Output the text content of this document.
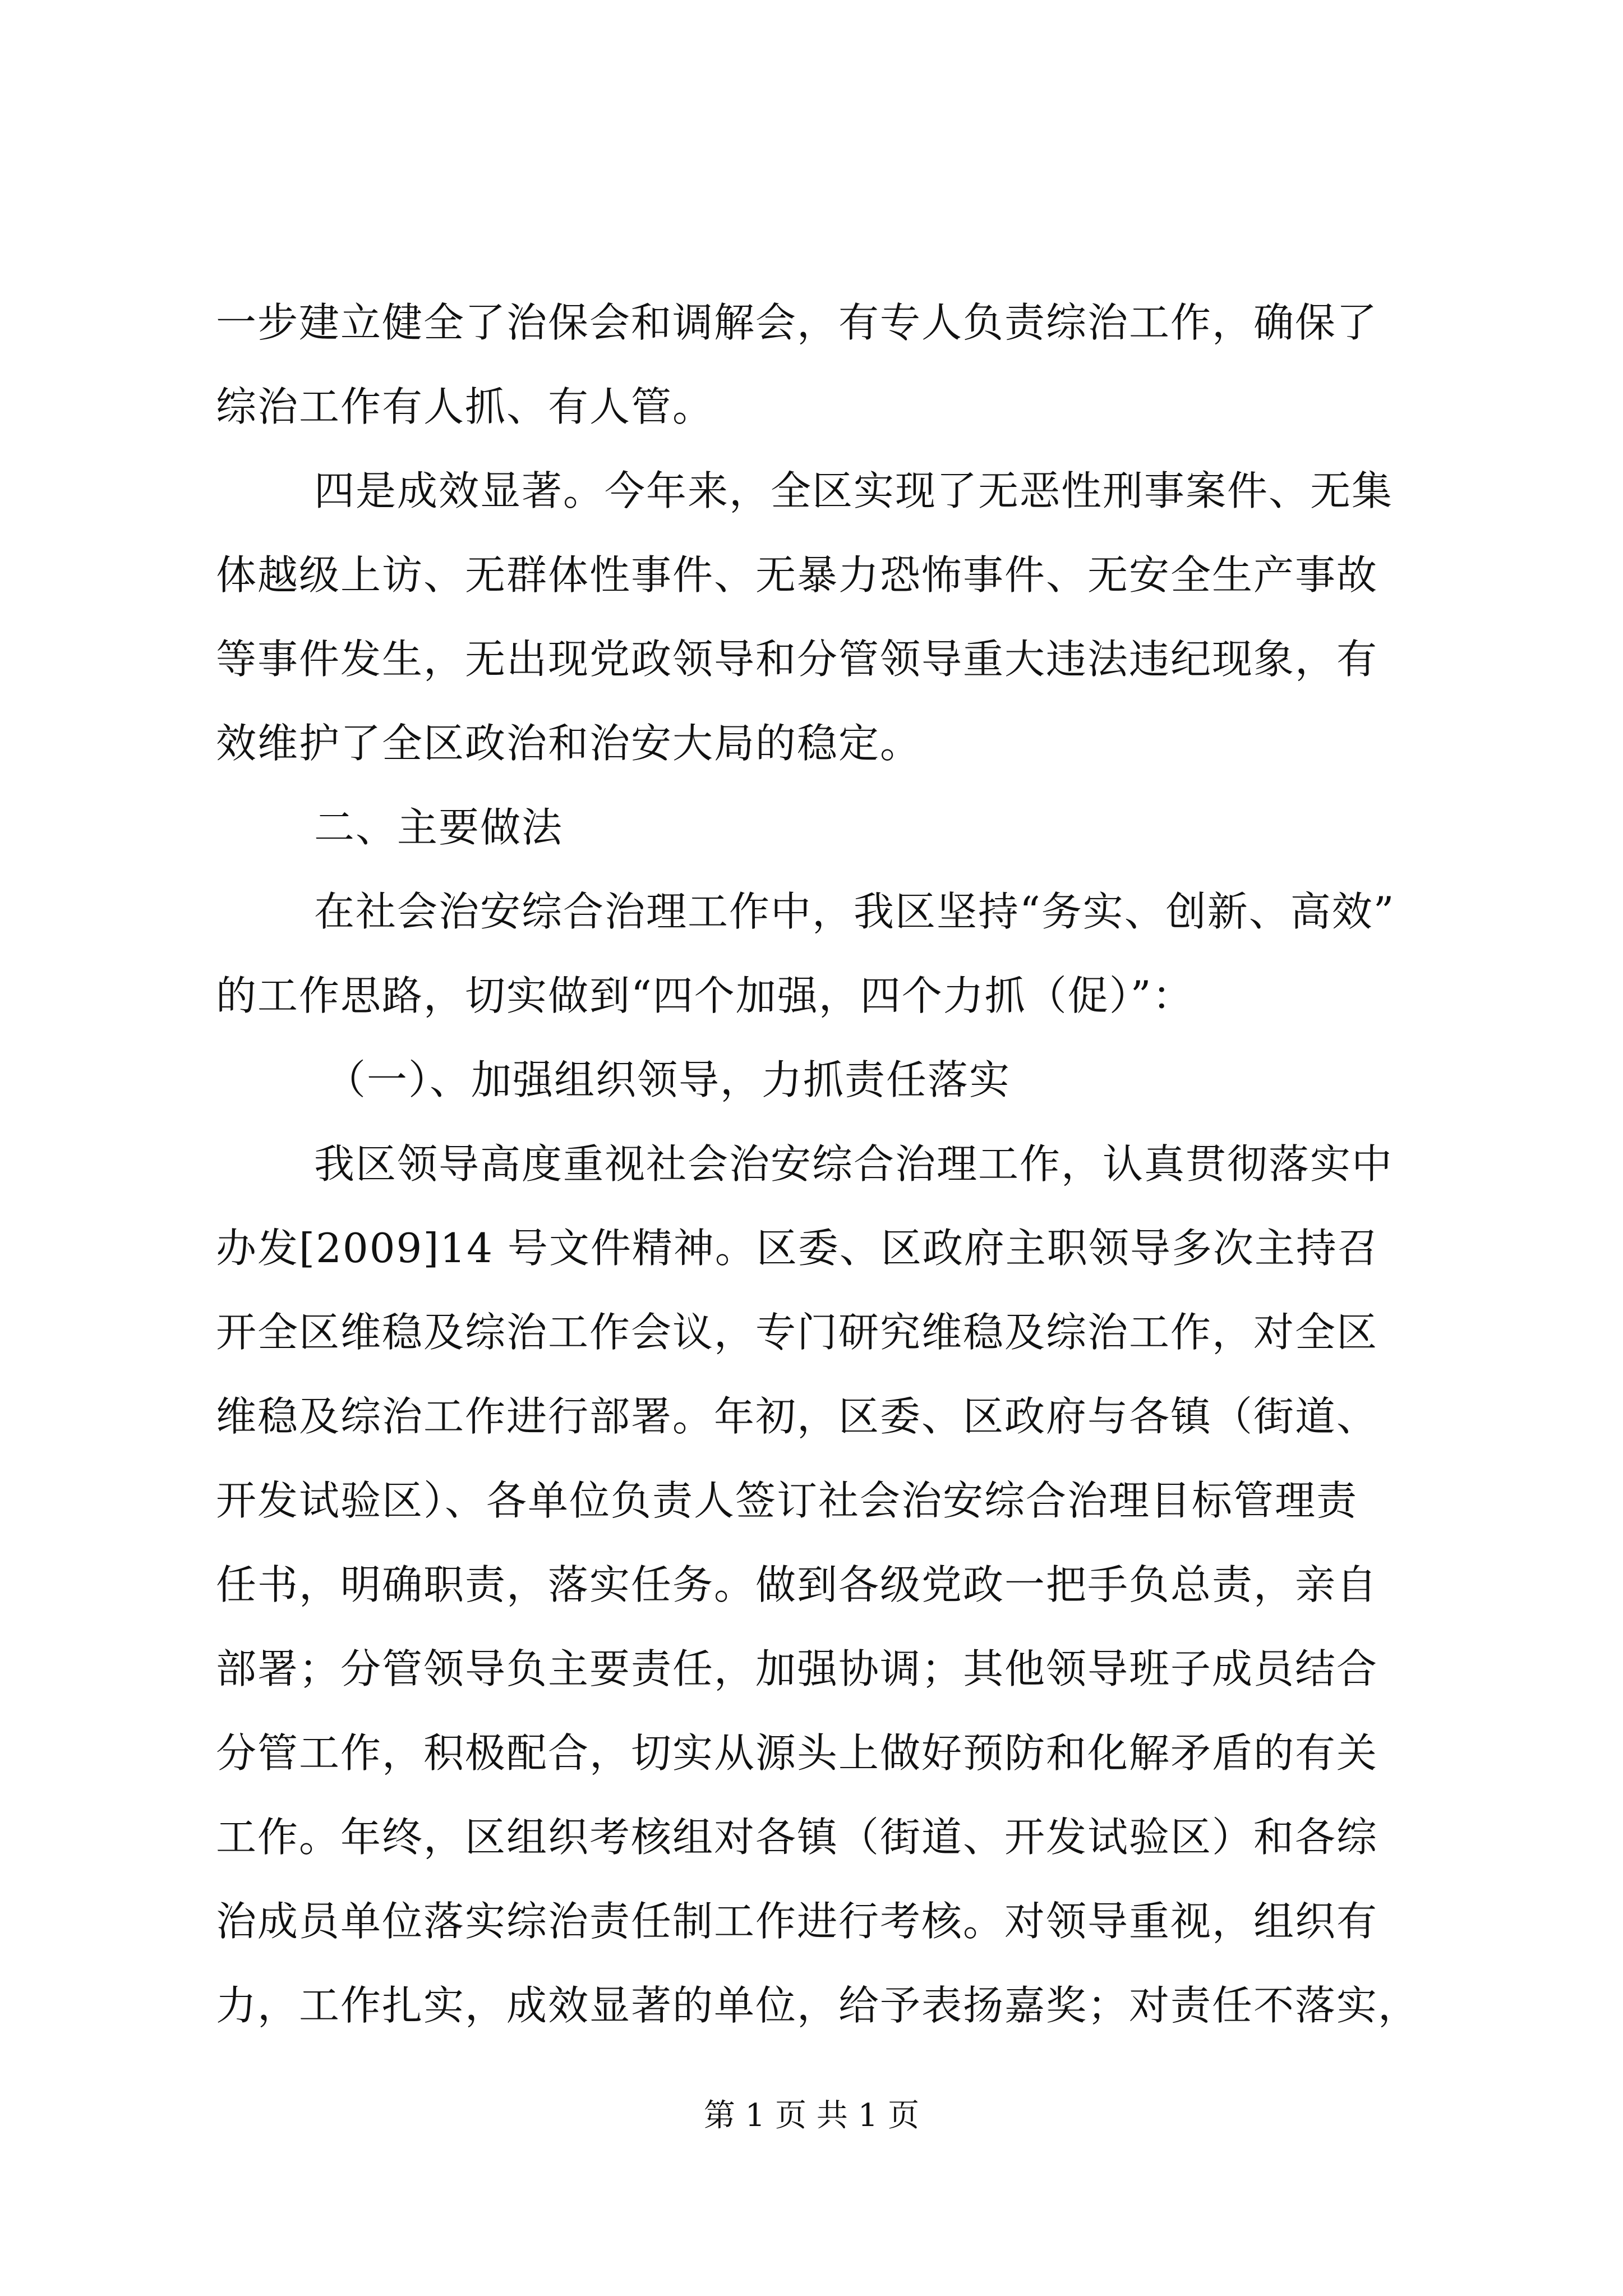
一步建立健全了治保会和调解会，有专人负责综治工作，确保了
综治工作有人抓、有人管。
四是成效显著。今年来，全区实现了无恶性刑事案件、无集
体越级上访、无群体性事件、无暴力恐怖事件、无安全生产事故
等事件发生，无出现党政领导和分管领导重大违法违纪现象，有
效维护了全区政治和治安大局的稳定。
二、主要做法
在社会治安综合治理工作中，我区坚持“务实、创新、高效”
的工作思路，切实做到“四个加强，四个力抓（促）”：
（一）、加强组织领导，力抓责任落实
我区领导高度重视社会治安综合治理工作，认真贯彻落实中
办发[2009]14 号文件精神。区委、区政府主职领导多次主持召
开全区维稳及综治工作会议，专门研究维稳及综治工作，对全区
维稳及综治工作进行部署。年初，区委、区政府与各镇（街道、
开发试验区）、各单位负责人签订社会治安综合治理目标管理责
任书，明确职责，落实任务。做到各级党政一把手负总责，亲自
部署；分管领导负主要责任，加强协调；其他领导班子成员结合
分管工作，积极配合，切实从源头上做好预防和化解矛盾的有关
工作。年终，区组织考核组对各镇（街道、开发试验区）和各综
治成员单位落实综治责任制工作进行考核。对领导重视，组织有
力，工作扎实，成效显著的单位，给予表扬嘉奖；对责任不落实，
第 1 页 共 1 页
